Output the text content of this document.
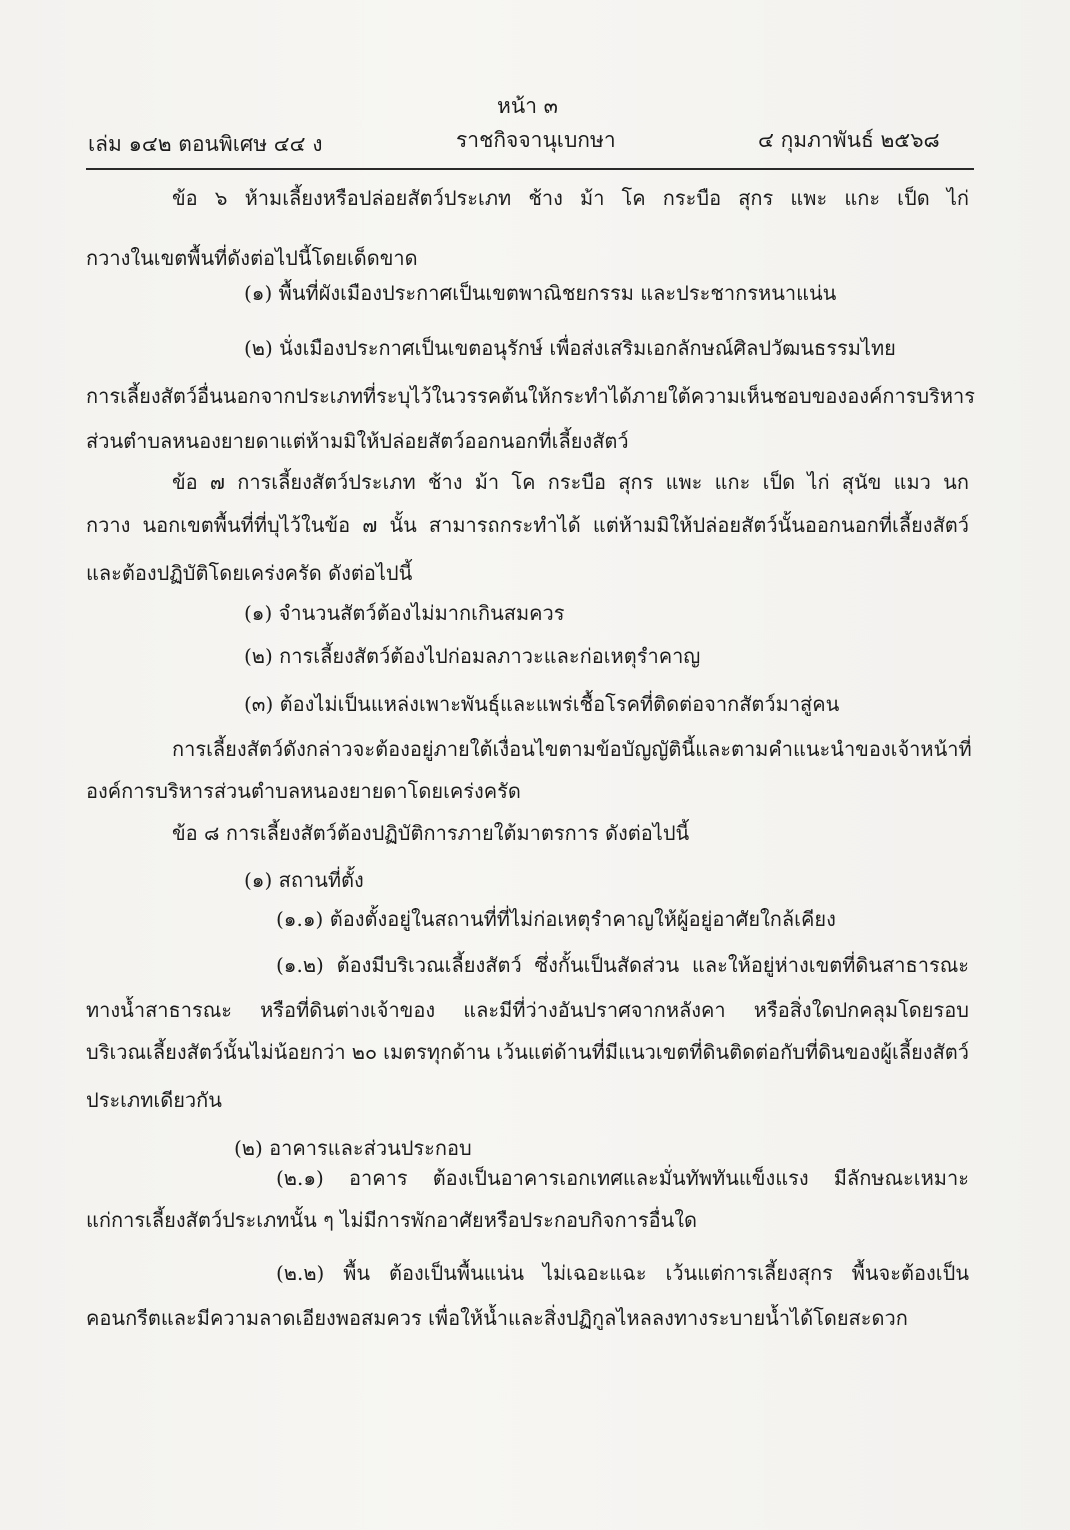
หน้า ๓
เล่ม ๑๔๒ ตอนพิเศษ ๔๔ ง	ราชกิจจานุเบกษา	๔ กุมภาพันธ์ ๒๕๖๘
ข้อ ๖ ห้ามเลี้ยงหรือปล่อยสัตว์ประเภท ช้าง ม้า โค กระบือ สุกร แพะ แกะ เป็ด ไก่
กวางในเขตพื้นที่ดังต่อไปนี้โดยเด็ดขาด
(๑) พื้นที่ผังเมืองประกาศเป็นเขตพาณิชยกรรม และประชากรหนาแน่น
(๒) นั่งเมืองประกาศเป็นเขตอนุรักษ์ เพื่อส่งเสริมเอกลักษณ์ศิลปวัฒนธรรมไทย
การเลี้ยงสัตว์อื่นนอกจากประเภทที่ระบุไว้ในวรรคต้น ให้กระทำได้ภายใต้ความเห็นชอบขององค์การบริหาร
ส่วนตำบลหนองยายดาแต่ห้ามมิให้ปล่อยสัตว์ออกนอกที่เลี้ยงสัตว์
ข้อ ๗ การเลี้ยงสัตว์ประเภท ช้าง ม้า โค กระบือ สุกร แพะ แกะ เป็ด ไก่ สุนัข แมว นก
กวาง นอกเขตพื้นที่ที่บุไว้ในข้อ ๗ นั้น สามารถกระทำได้ แต่ห้ามมิให้ปล่อยสัตว์นั้นออกนอกที่เลี้ยงสัตว์
และต้องปฏิบัติโดยเคร่งครัด ดังต่อไปนี้
(๑) จำนวนสัตว์ต้องไม่มากเกินสมควร
(๒) การเลี้ยงสัตว์ต้องไปก่อมลภาวะและก่อเหตุรำคาญ
(๓) ต้องไม่เป็นแหล่งเพาะพันธุ์และแพร่เชื้อโรคที่ติดต่อจากสัตว์มาสู่คน
การเลี้ยงสัตว์ดังกล่าว จะต้องอยู่ภายใต้เงื่อนไขตามข้อบัญญัตินี้ และตามคำแนะนำของเจ้าหน้าที่
องค์การบริหารส่วนตำบลหนองยายดาโดยเคร่งครัด
ข้อ ๘ การเลี้ยงสัตว์ต้องปฏิบัติการภายใต้มาตรการ ดังต่อไปนี้
(๑) สถานที่ตั้ง
(๑.๑) ต้องตั้งอยู่ในสถานที่ที่ไม่ก่อเหตุรำคาญให้ผู้อยู่อาศัยใกล้เคียง
(๑.๒) ต้องมีบริเวณเลี้ยงสัตว์ ซึ่งกั้นเป็นสัดส่วน และให้อยู่ห่างเขตที่ดินสาธารณะ
ทางน้ำสาธารณะ หรือที่ดินต่างเจ้าของ และมีที่ว่างอันปราศจากหลังคา หรือสิ่งใดปกคลุมโดยรอบ
บริเวณเลี้ยงสัตว์นั้นไม่น้อยกว่า ๒๐ เมตรทุกด้าน เว้นแต่ด้านที่มีแนวเขตที่ดินติดต่อกับที่ดินของผู้เลี้ยงสัตว์
ประเภทเดียวกัน
(๒) อาคารและส่วนประกอบ
(๒.๑) อาคาร ต้องเป็นอาคารเอกเทศและมั่นทัพทันแข็งแรง มีลักษณะเหมาะ
แก่การเลี้ยงสัตว์ประเภทนั้น ๆ ไม่มีการพักอาศัยหรือประกอบกิจการอื่นใด
(๒.๒) พื้น ต้องเป็นพื้นแน่น ไม่เฉอะแฉะ เว้นแต่การเลี้ยงสุกร พื้นจะต้องเป็น
คอนกรีตและมีความลาดเอียงพอสมควร เพื่อให้น้ำและสิ่งปฏิกูลไหลลงทางระบายน้ำได้โดยสะดวก
